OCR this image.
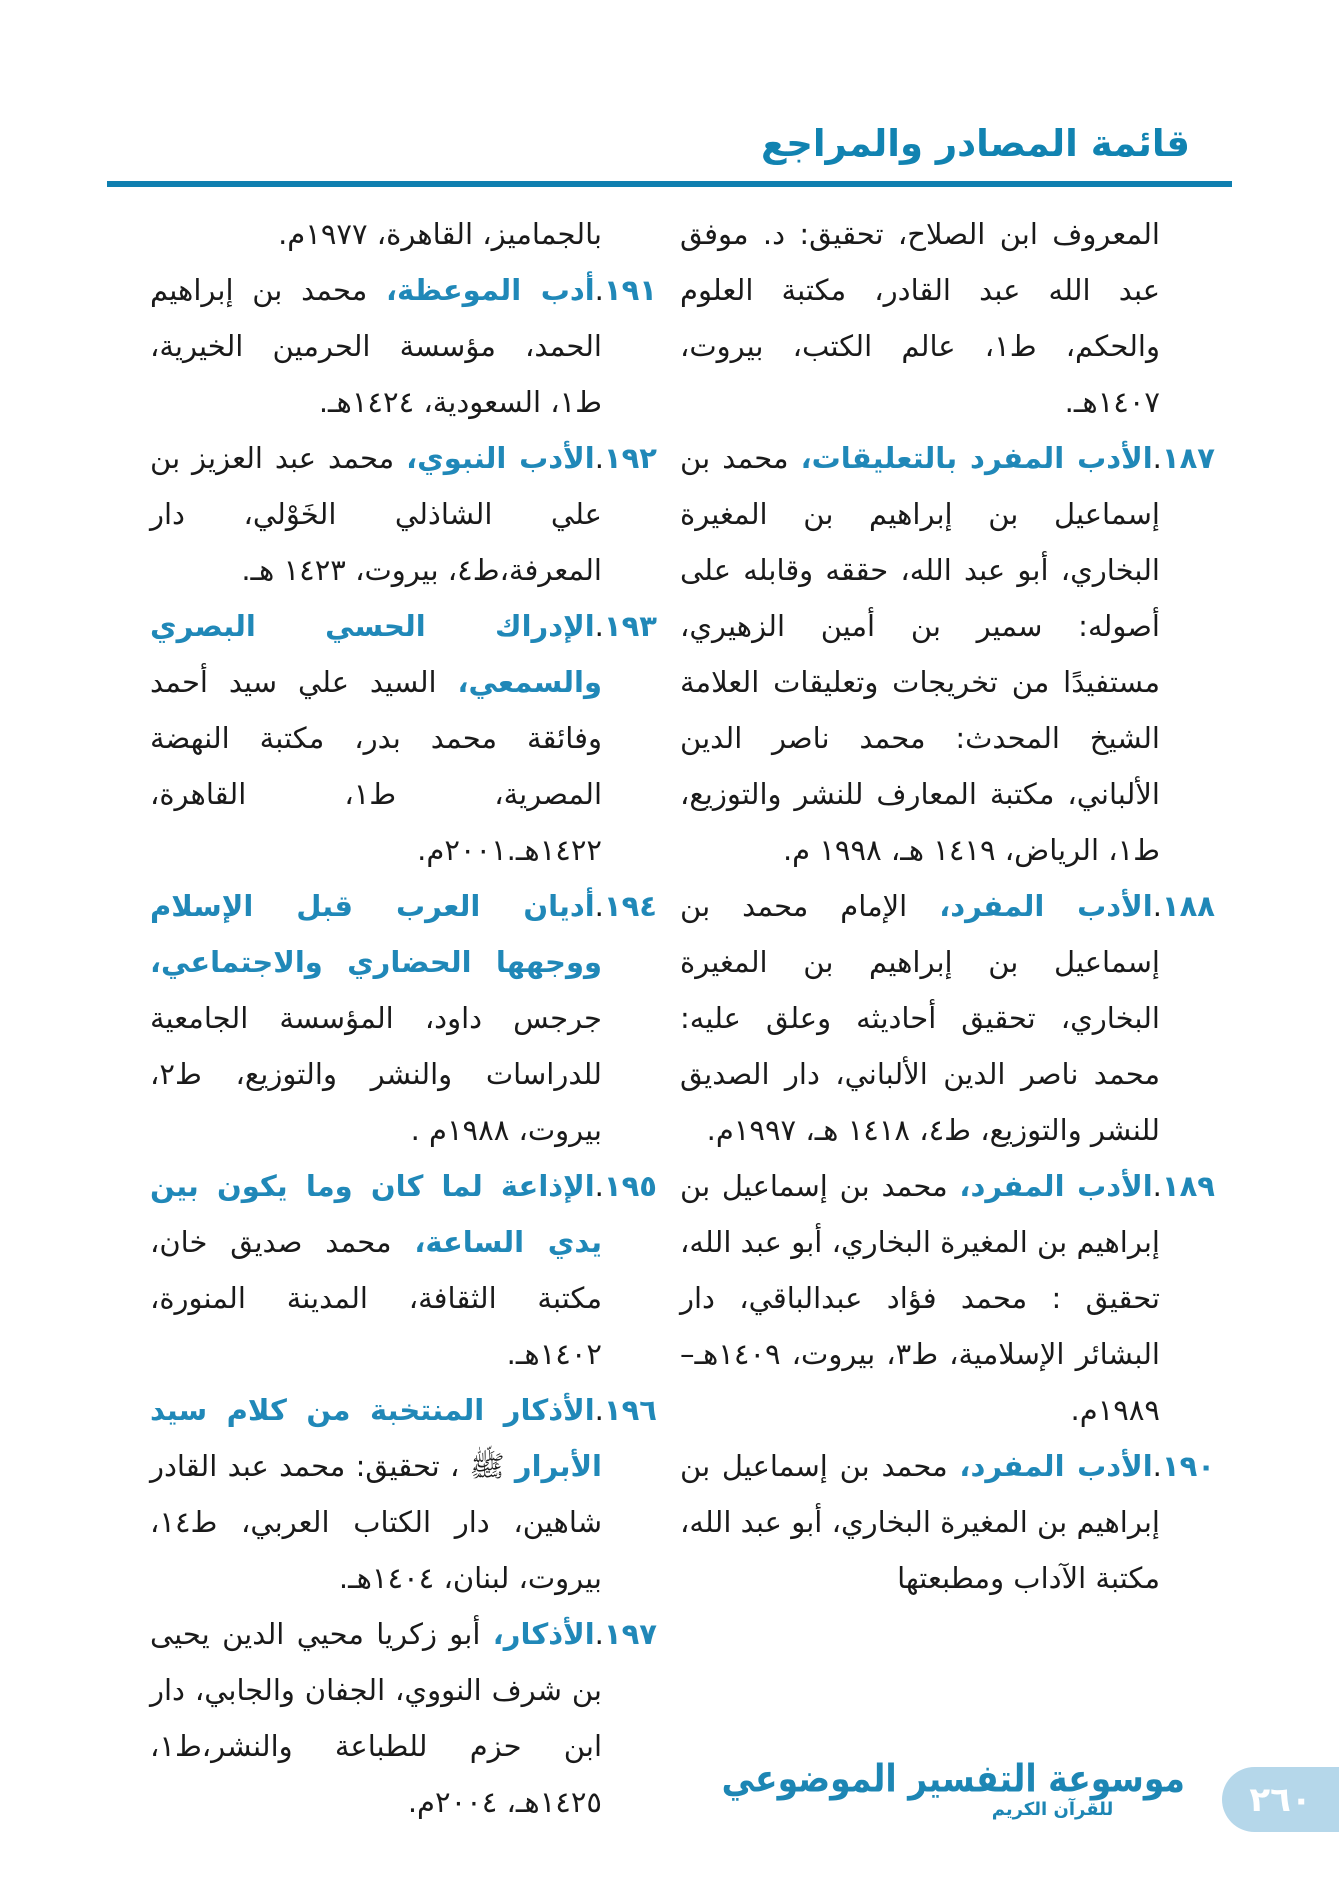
قائمة المصادر والمراجع

المعروف ابن الصلاح، تحقيق: د. موفق عبد الله عبد القادر، مكتبة العلوم والحكم، ط١، عالم الكتب، بيروت، ١٤٠٧هـ.

١٨٧.الأدب المفرد بالتعليقات، محمد بن إسماعيل بن إبراهيم بن المغيرة البخاري، أبو عبد الله، حققه وقابله على أصوله: سمير بن أمين الزهيري، مستفيدًا من تخريجات وتعليقات العلامة الشيخ المحدث: محمد ناصر الدين الألباني، مكتبة المعارف للنشر والتوزيع، ط١، الرياض، ١٤١٩ هـ، ١٩٩٨ م.

١٨٨.الأدب المفرد، الإمام محمد بن إسماعيل بن إبراهيم بن المغيرة البخاري، تحقيق أحاديثه وعلق عليه: محمد ناصر الدين الألباني، دار الصديق للنشر والتوزيع، ط٤، ١٤١٨ هـ، ١٩٩٧م.

١٨٩.الأدب المفرد، محمد بن إسماعيل بن إبراهيم بن المغيرة البخاري، أبو عبد الله، تحقيق : محمد فؤاد عبدالباقي، دار البشائر الإسلامية، ط٣، بيروت، ١٤٠٩هـ– ١٩٨٩م.

١٩٠.الأدب المفرد، محمد بن إسماعيل بن إبراهيم بن المغيرة البخاري، أبو عبد الله، مكتبة الآداب ومطبعتها

بالجماميز، القاهرة، ١٩٧٧م.

١٩١.أدب الموعظة، محمد بن إبراهيم الحمد، مؤسسة الحرمين الخيرية، ط١، السعودية، ١٤٢٤هـ.

١٩٢.الأدب النبوي، محمد عبد العزيز بن علي الشاذلي الخَوْلي، دار المعرفة،ط٤، بيروت، ١٤٢٣ هـ.

١٩٣.الإدراك الحسي البصري والسمعي، السيد علي سيد أحمد وفائقة محمد بدر، مكتبة النهضة المصرية، ط١، القاهرة، ١٤٢٢هـ.٢٠٠١م.

١٩٤.أديان العرب قبل الإسلام ووجهها الحضاري والاجتماعي، جرجس داود، المؤسسة الجامعية للدراسات والنشر والتوزيع، ط٢، بيروت، ١٩٨٨م .

١٩٥.الإذاعة لما كان وما يكون بين يدي الساعة، محمد صديق خان، مكتبة الثقافة، المدينة المنورة، ١٤٠٢هـ.

١٩٦.الأذكار المنتخبة من كلام سيد الأبرار ﷺ ، تحقيق: محمد عبد القادر شاهين، دار الكتاب العربي، ط١٤، بيروت، لبنان، ١٤٠٤هـ.

١٩٧.الأذكار، أبو زكريا محيي الدين يحيى بن شرف النووي، الجفان والجابي، دار ابن حزم للطباعة والنشر،ط١، ١٤٢٥هـ، ٢٠٠٤م.

موسوعة التفسير الموضوعي
للقرآن الكريم	٢٦٠
